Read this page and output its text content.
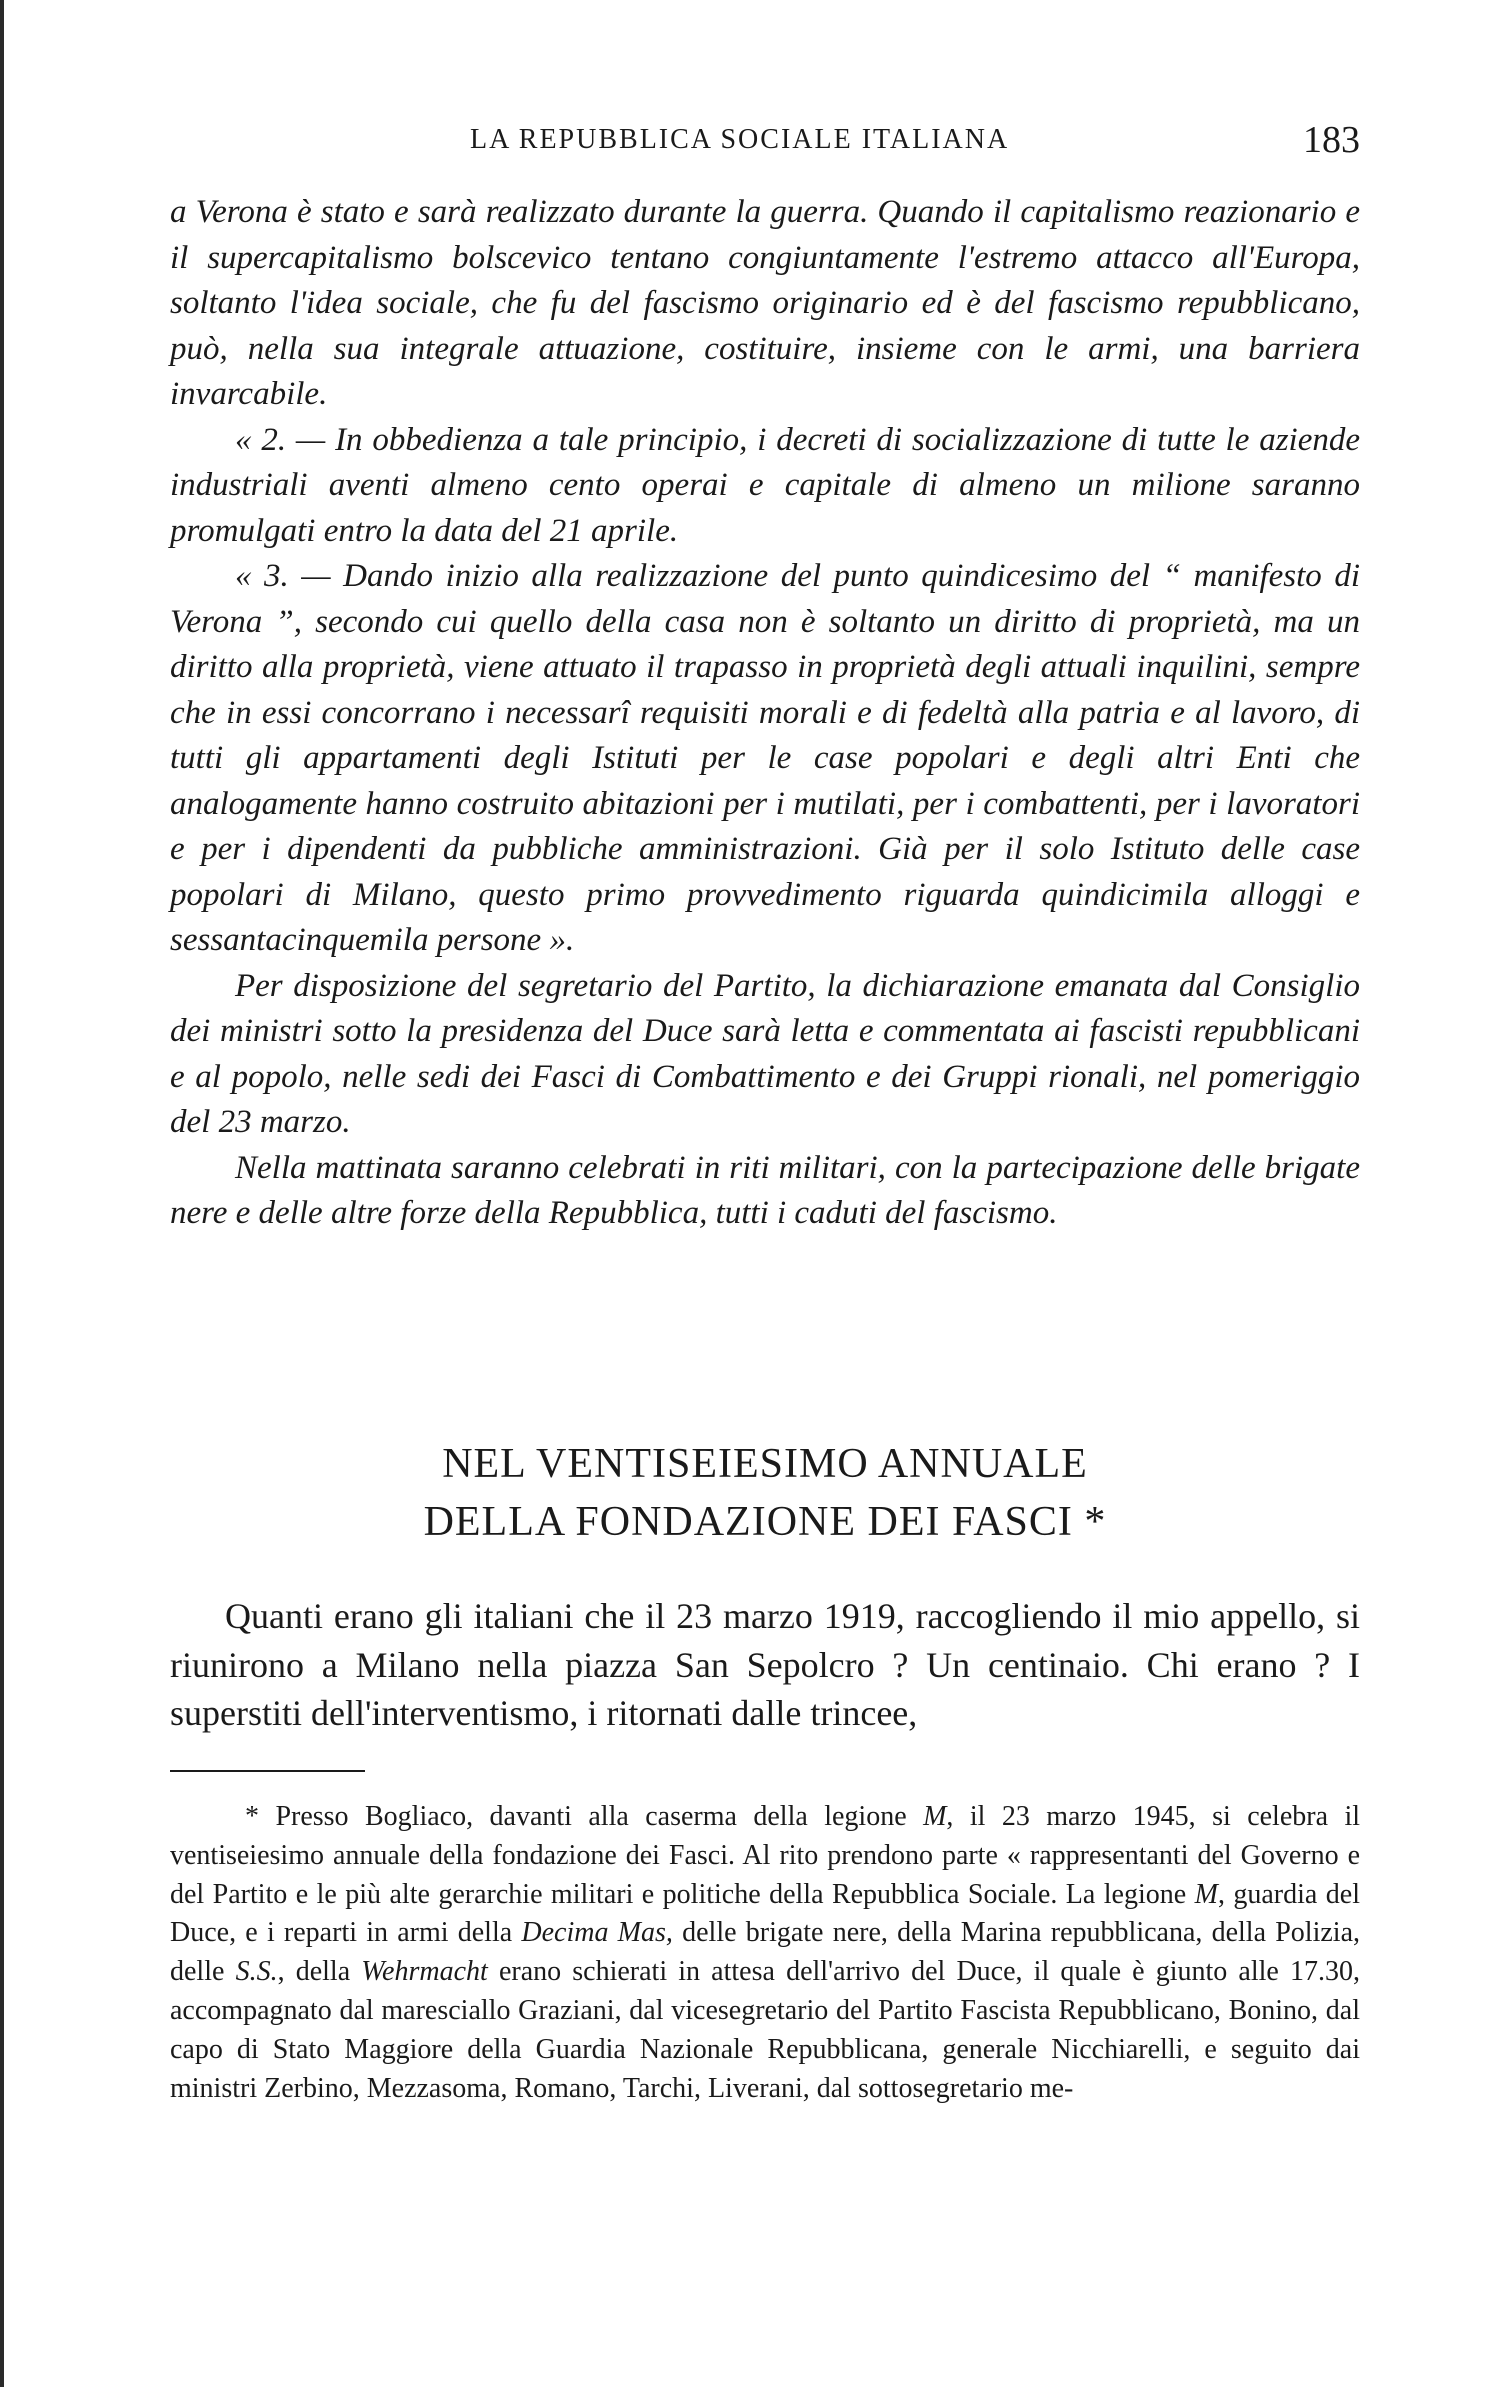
LA REPUBBLICA SOCIALE ITALIANA	183

a Verona è stato e sarà realizzato durante la guerra. Quando il capitalismo reazionario e il supercapitalismo bolscevico tentano congiuntamente l'estremo attacco all'Europa, soltanto l'idea sociale, che fu del fascismo originario ed è del fascismo repubblicano, può, nella sua integrale attuazione, costituire, insieme con le armi, una barriera invarcabile.

« 2. — In obbedienza a tale principio, i decreti di socializzazione di tutte le aziende industriali aventi almeno cento operai e capitale di almeno un milione saranno promulgati entro la data del 21 aprile.

« 3. — Dando inizio alla realizzazione del punto quindicesimo del “ manifesto di Verona ”, secondo cui quello della casa non è soltanto un diritto di proprietà, ma un diritto alla proprietà, viene attuato il trapasso in proprietà degli attuali inquilini, sempre che in essi concorrano i necessarî requisiti morali e di fedeltà alla patria e al lavoro, di tutti gli appartamenti degli Istituti per le case popolari e degli altri Enti che analogamente hanno costruito abitazioni per i mutilati, per i combattenti, per i lavoratori e per i dipendenti da pubbliche amministrazioni. Già per il solo Istituto delle case popolari di Milano, questo primo provvedimento riguarda quindicimila alloggi e sessantacinquemila persone ».

Per disposizione del segretario del Partito, la dichiarazione emanata dal Consiglio dei ministri sotto la presidenza del Duce sarà letta e commentata ai fascisti repubblicani e al popolo, nelle sedi dei Fasci di Combattimento e dei Gruppi rionali, nel pomeriggio del 23 marzo.

Nella mattinata saranno celebrati in riti militari, con la partecipazione delle brigate nere e delle altre forze della Repubblica, tutti i caduti del fascismo.

NEL VENTISEIESIMO ANNUALE
DELLA FONDAZIONE DEI FASCI *

Quanti erano gli italiani che il 23 marzo 1919, raccogliendo il mio appello, si riunirono a Milano nella piazza San Sepolcro ? Un centinaio. Chi erano ? I superstiti dell'interventismo, i ritornati dalle trincee,

* Presso Bogliaco, davanti alla caserma della legione M, il 23 marzo 1945, si celebra il ventiseiesimo annuale della fondazione dei Fasci. Al rito prendono parte « rappresentanti del Governo e del Partito e le più alte gerarchie militari e politiche della Repubblica Sociale. La legione M, guardia del Duce, e i reparti in armi della Decima Mas, delle brigate nere, della Marina repubblicana, della Polizia, delle S.S., della Wehrmacht erano schierati in attesa dell'arrivo del Duce, il quale è giunto alle 17.30, accompagnato dal maresciallo Graziani, dal vicesegretario del Partito Fascista Repubblicano, Bonino, dal capo di Stato Maggiore della Guardia Nazionale Repubblicana, generale Nicchiarelli, e seguito dai ministri Zerbino, Mezzasoma, Romano, Tarchi, Liverani, dal sottosegretario me-
